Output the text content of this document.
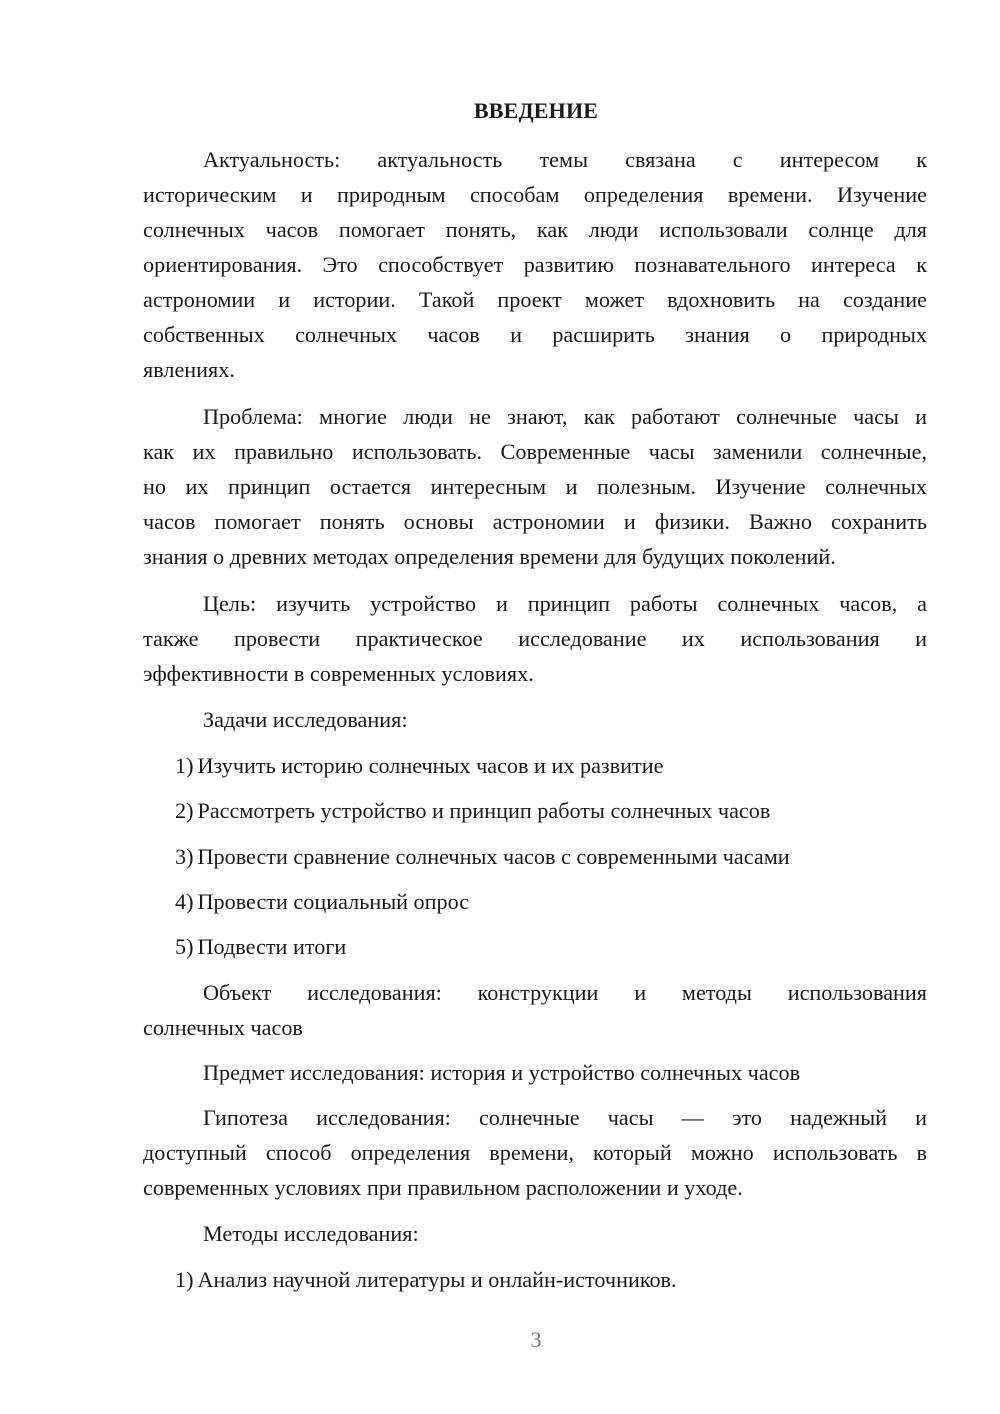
ВВЕДЕНИЕ
Актуальность: актуальность темы связана с интересом к
историческим и природным способам определения времени. Изучение
солнечных часов помогает понять, как люди использовали солнце для
ориентирования. Это способствует развитию познавательного интереса к
астрономии и истории. Такой проект может вдохновить на создание
собственных солнечных часов и расширить знания о природных
явлениях.
Проблема: многие люди не знают, как работают солнечные часы и
как их правильно использовать. Современные часы заменили солнечные,
но их принцип остается интересным и полезным. Изучение солнечных
часов помогает понять основы астрономии и физики. Важно сохранить
знания о древних методах определения времени для будущих поколений.
Цель: изучить устройство и принцип работы солнечных часов, а
также провести практическое исследование их использования и
эффективности в современных условиях.
Задачи исследования:
1) Изучить историю солнечных часов и их развитие
2) Рассмотреть устройство и принцип работы солнечных часов
3) Провести сравнение солнечных часов с современными часами
4) Провести социальный опрос
5) Подвести итоги
Объект исследования: конструкции и методы использования
солнечных часов
Предмет исследования: история и устройство солнечных часов
Гипотеза исследования: солнечные часы — это надежный и
доступный способ определения времени, который можно использовать в
современных условиях при правильном расположении и уходе.
Методы исследования:
1) Анализ научной литературы и онлайн-источников.
3
